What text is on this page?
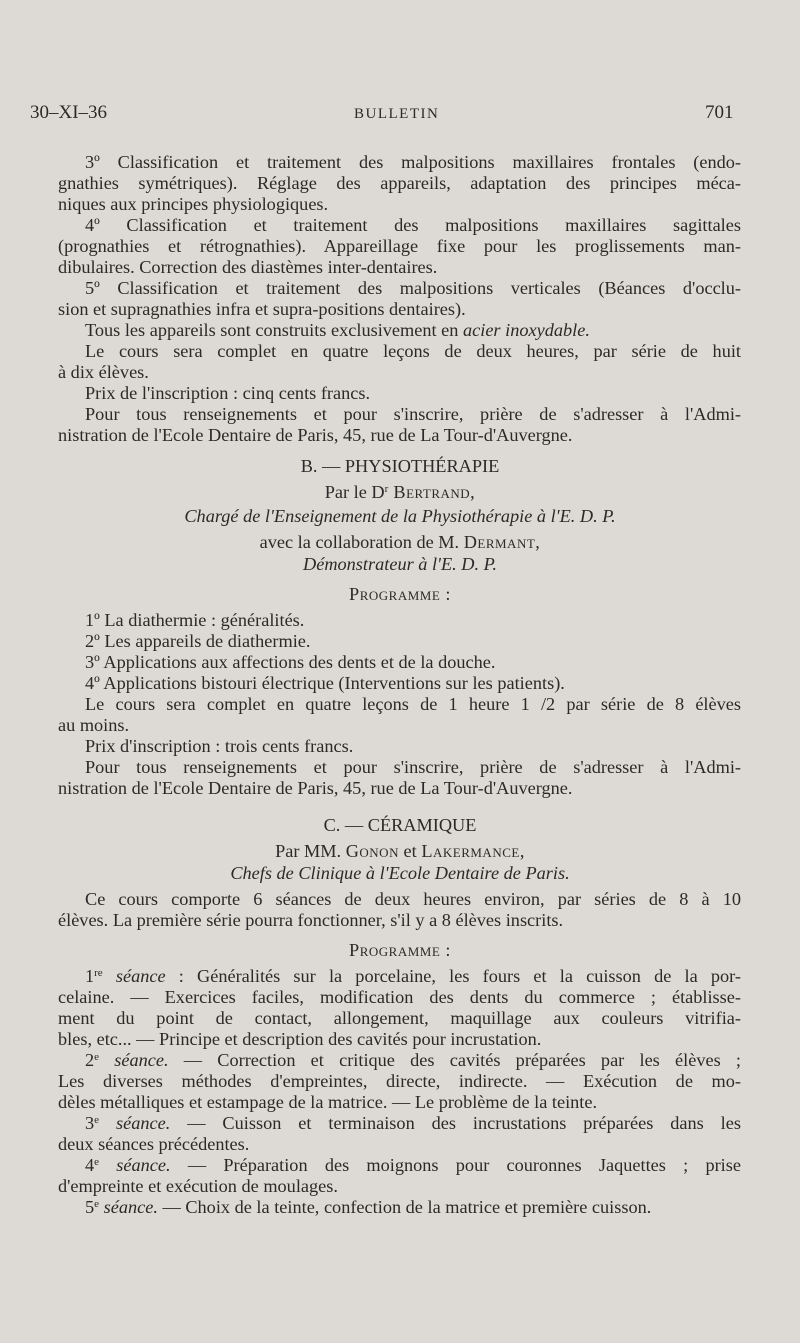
30–XI–36	BULLETIN	701
3º Classification et traitement des malpositions maxillaires frontales (endo-
gnathies symétriques). Réglage des appareils, adaptation des principes méca-
niques aux principes physiologiques.
4º Classification et traitement des malpositions maxillaires sagittales
(prognathies et rétrognathies). Appareillage fixe pour les proglissements man-
dibulaires. Correction des diastèmes inter-dentaires.
5º Classification et traitement des malpositions verticales (Béances d'occlu-
sion et supragnathies infra et supra-positions dentaires).
Tous les appareils sont construits exclusivement en acier inoxydable.
Le cours sera complet en quatre leçons de deux heures, par série de huit
à dix élèves.
Prix de l'inscription : cinq cents francs.
Pour tous renseignements et pour s'inscrire, prière de s'adresser à l'Admi-
nistration de l'Ecole Dentaire de Paris, 45, rue de La Tour-d'Auvergne.
B. — PHYSIOTHÉRAPIE
Par le $D^r$ Bertrand,
Chargé de l'Enseignement de la Physiothérapie à l'E. D. P.
avec la collaboration de M. Dermant,
Démonstrateur à l'E. D. P.
Programme :
1º La diathermie : généralités.
2º Les appareils de diathermie.
3º Applications aux affections des dents et de la douche.
4º Applications bistouri électrique (Interventions sur les patients).
Le cours sera complet en quatre leçons de 1 heure 1 /2 par série de 8 élèves
au moins.
Prix d'inscription : trois cents francs.
Pour tous renseignements et pour s'inscrire, prière de s'adresser à l'Admi-
nistration de l'Ecole Dentaire de Paris, 45, rue de La Tour-d'Auvergne.
C. — CÉRAMIQUE
Par MM. Gonon et Lakermance,
Chefs de Clinique à l'Ecole Dentaire de Paris.
Ce cours comporte 6 séances de deux heures environ, par séries de 8 à 10
élèves. La première série pourra fonctionner, s'il y a 8 élèves inscrits.
Programme :
1re séance : Généralités sur la porcelaine, les fours et la cuisson de la por-
celaine. — Exercices faciles, modification des dents du commerce ; établisse-
ment du point de contact, allongement, maquillage aux couleurs vitrifia-
bles, etc... — Principe et description des cavités pour incrustation.
2e séance. — Correction et critique des cavités préparées par les élèves ;
Les diverses méthodes d'empreintes, directe, indirecte. — Exécution de mo-
dèles métalliques et estampage de la matrice. — Le problème de la teinte.
3e séance. — Cuisson et terminaison des incrustations préparées dans les
deux séances précédentes.
4e séance. — Préparation des moignons pour couronnes Jaquettes ; prise
d'empreinte et exécution de moulages.
5e séance. — Choix de la teinte, confection de la matrice et première cuisson.
